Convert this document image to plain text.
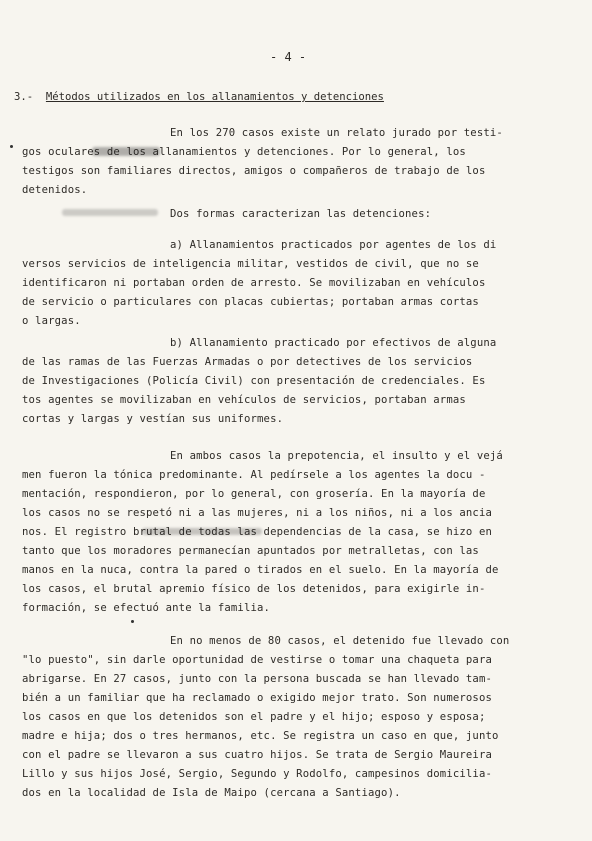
- 4 -
3.- Métodos utilizados en los allanamientos y detenciones
En los 270 casos existe un relato jurado por testi-
gos oculares de los allanamientos y detenciones. Por lo general, los
testigos son familiares directos, amigos o compañeros de trabajo de los
detenidos.
Dos formas caracterizan las detenciones:
a) Allanamientos practicados por agentes de los di
versos servicios de inteligencia militar, vestidos de civil, que no se
identificaron ni portaban orden de arresto. Se movilizaban en vehículos
de servicio o particulares con placas cubiertas; portaban armas cortas
o largas.
b) Allanamiento practicado por efectivos de alguna
de las ramas de las Fuerzas Armadas o por detectives de los servicios
de Investigaciones (Policía Civil) con presentación de credenciales. Es
tos agentes se movilizaban en vehículos de servicios, portaban armas
cortas y largas y vestían sus uniformes.
En ambos casos la prepotencia, el insulto y el vejá
men fueron la tónica predominante. Al pedírsele a los agentes la docu -
mentación, respondieron, por lo general, con grosería. En la mayoría de
los casos no se respetó ni a las mujeres, ni a los niños, ni a los ancia
nos. El registro brutal de todas las dependencias de la casa, se hizo en
tanto que los moradores permanecían apuntados por metralletas, con las
manos en la nuca, contra la pared o tirados en el suelo. En la mayoría de
los casos, el brutal apremio físico de los detenidos, para exigirle in-
formación, se efectuó ante la familia.
En no menos de 80 casos, el detenido fue llevado con
"lo puesto", sin darle oportunidad de vestirse o tomar una chaqueta para
abrigarse. En 27 casos, junto con la persona buscada se han llevado tam-
bién a un familiar que ha reclamado o exigido mejor trato. Son numerosos
los casos en que los detenidos son el padre y el hijo; esposo y esposa;
madre e hija; dos o tres hermanos, etc. Se registra un caso en que, junto
con el padre se llevaron a sus cuatro hijos. Se trata de Sergio Maureira
Lillo y sus hijos José, Sergio, Segundo y Rodolfo, campesinos domicilia-
dos en la localidad de Isla de Maipo (cercana a Santiago).
